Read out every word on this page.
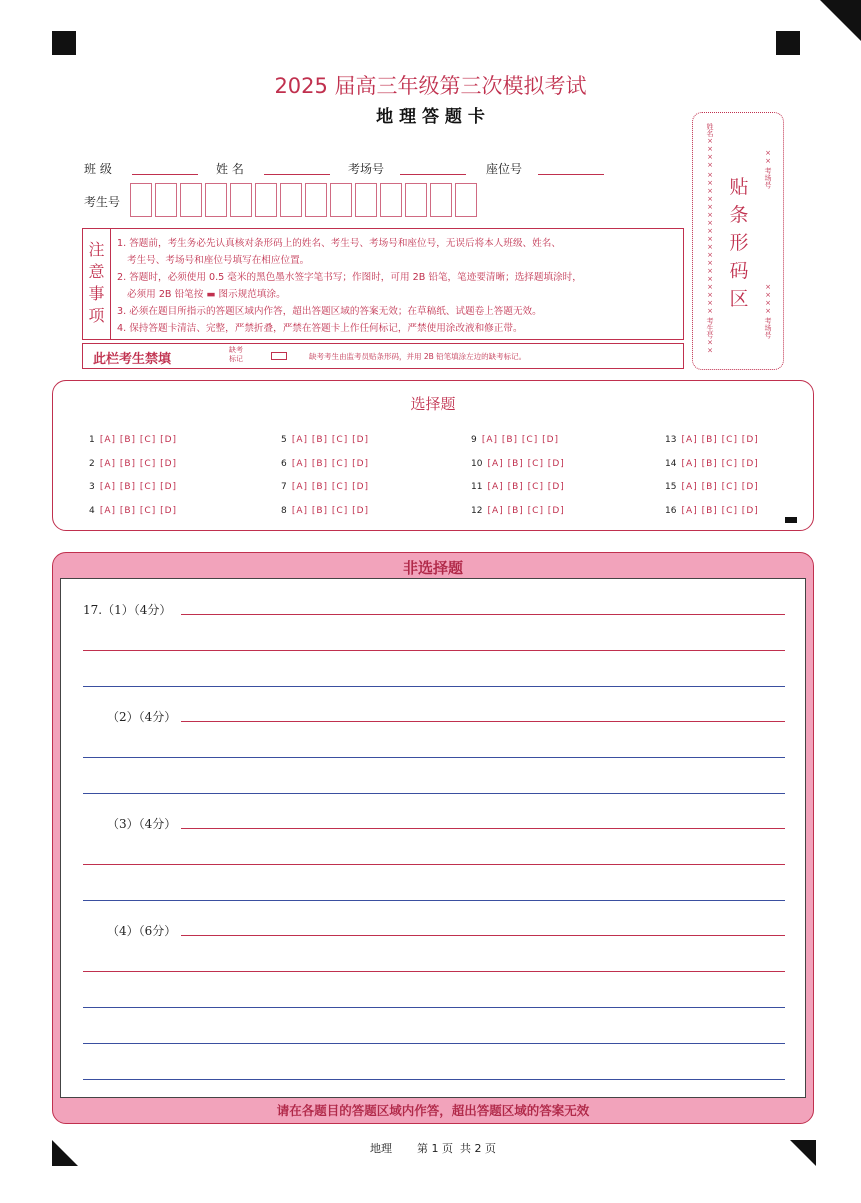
2025 届高三年级第三次模拟考试
地 理 答 题 卡
班 级	姓 名	考场号	座位号
考生号
贴
条
形
码
区
姓名×××× ×××××××××××××××××× 考生号××	×× 考场号
×××× 考场号
注
意
事
项
1. 答题前，考生务必先认真核对条形码上的姓名、考生号、考场号和座位号，无误后将本人班级、姓名、
考生号、考场号和座位号填写在相应位置。
2. 答题时，必须使用 0.5 毫米的黑色墨水签字笔书写；作图时，可用 2B 铅笔，笔迹要清晰；选择题填涂时，
必须用 2B 铅笔按 ▬ 图示规范填涂。
3. 必须在题目所指示的答题区域内作答，超出答题区域的答案无效；在草稿纸、试题卷上答题无效。
4. 保持答题卡清洁、完整，严禁折叠，严禁在答题卡上作任何标记，严禁使用涂改液和修正带。
此栏考生禁填
缺考
标记	缺考考生由监考员贴条形码，并用 2B 铅笔填涂左边的缺考标记。
选择题
1 [A] [B] [C] [D]
2 [A] [B] [C] [D]
3 [A] [B] [C] [D]
4 [A] [B] [C] [D]
5 [A] [B] [C] [D]
6 [A] [B] [C] [D]
7 [A] [B] [C] [D]
8 [A] [B] [C] [D]
9 [A] [B] [C] [D]
10 [A] [B] [C] [D]
11 [A] [B] [C] [D]
12 [A] [B] [C] [D]
13 [A] [B] [C] [D]
14 [A] [B] [C] [D]
15 [A] [B] [C] [D]
16 [A] [B] [C] [D]
非选择题
17.（1）（4分）
（2）（4分）
（3）（4分）
（4）（6分）
请在各题目的答题区域内作答，超出答题区域的答案无效
地理 第 1 页  共 2 页
